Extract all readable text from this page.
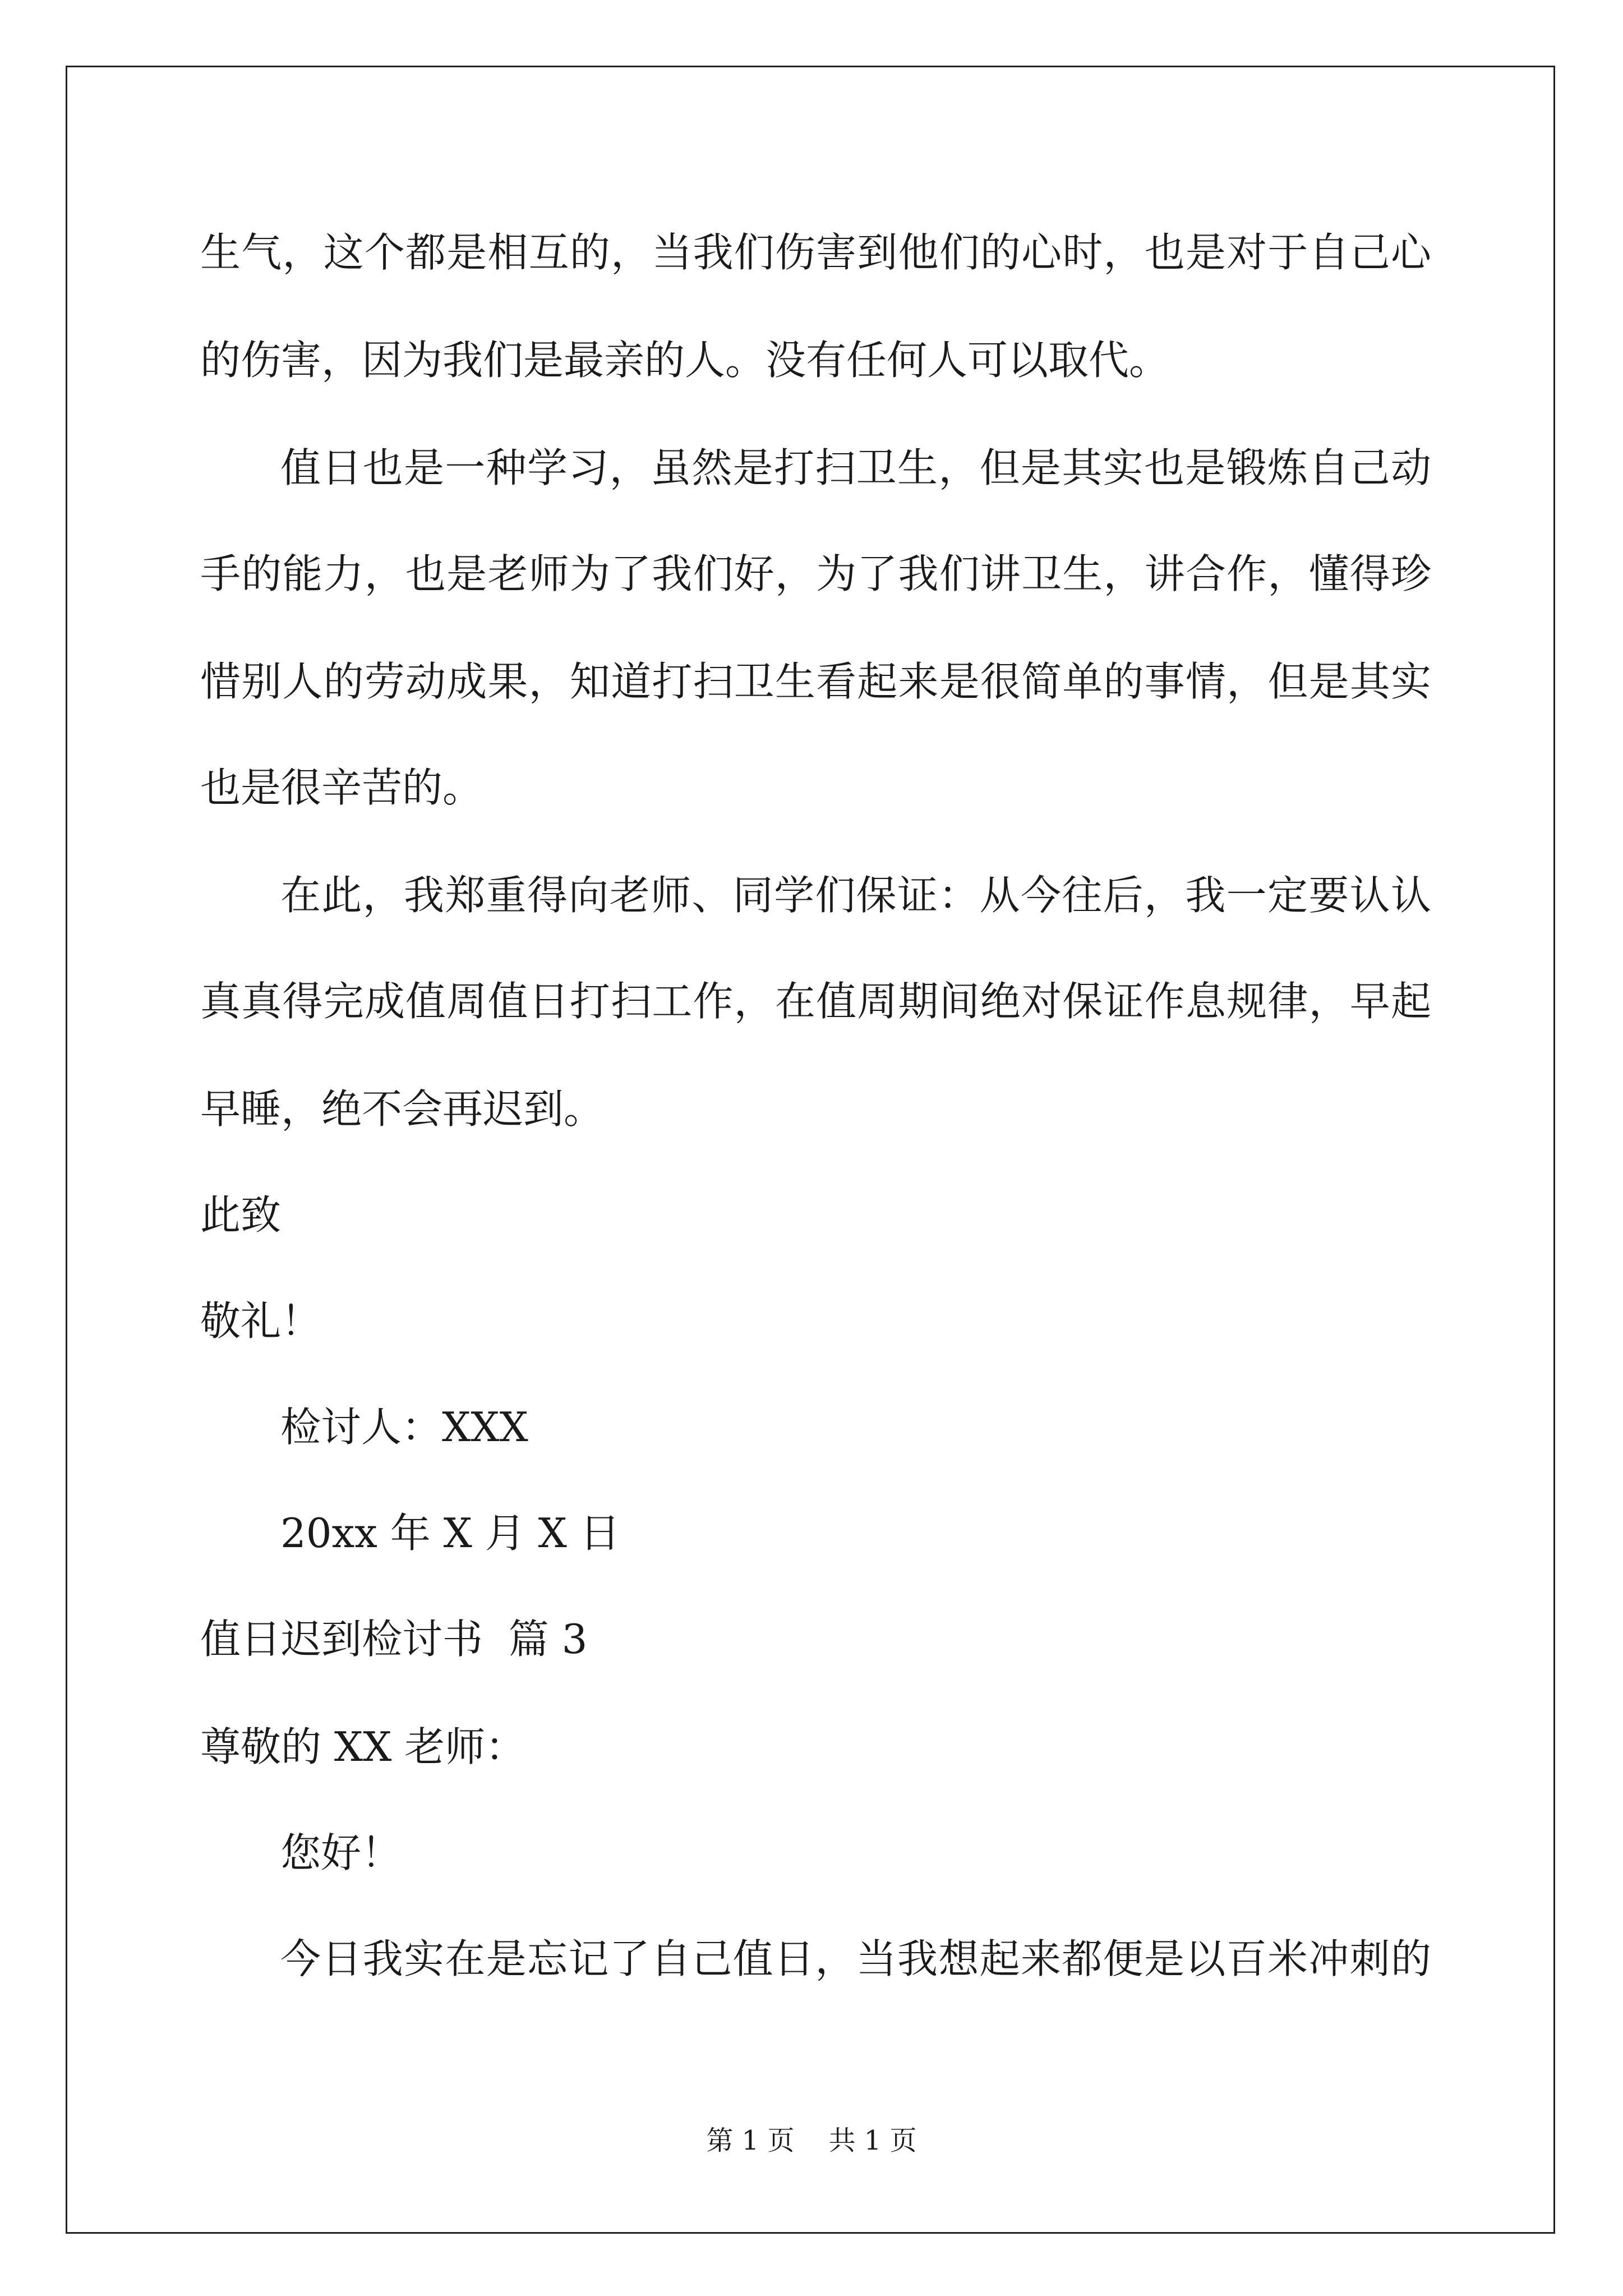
生气，这个都是相互的，当我们伤害到他们的心时，也是对于自己心
的伤害，因为我们是最亲的人。没有任何人可以取代。
值日也是一种学习，虽然是打扫卫生，但是其实也是锻炼自己动
手的能力，也是老师为了我们好，为了我们讲卫生，讲合作，懂得珍
惜别人的劳动成果，知道打扫卫生看起来是很简单的事情，但是其实
也是很辛苦的。
在此，我郑重得向老师、同学们保证：从今往后，我一定要认认
真真得完成值周值日打扫工作，在值周期间绝对保证作息规律，早起
早睡，绝不会再迟到。
此致
敬礼！
检讨人：XXX
20xx 年 X 月 X 日
值日迟到检讨书  篇 3
尊敬的 XX 老师：
您好！
今日我实在是忘记了自己值日，当我想起来都便是以百米冲刺的
第 1 页    共 1 页
